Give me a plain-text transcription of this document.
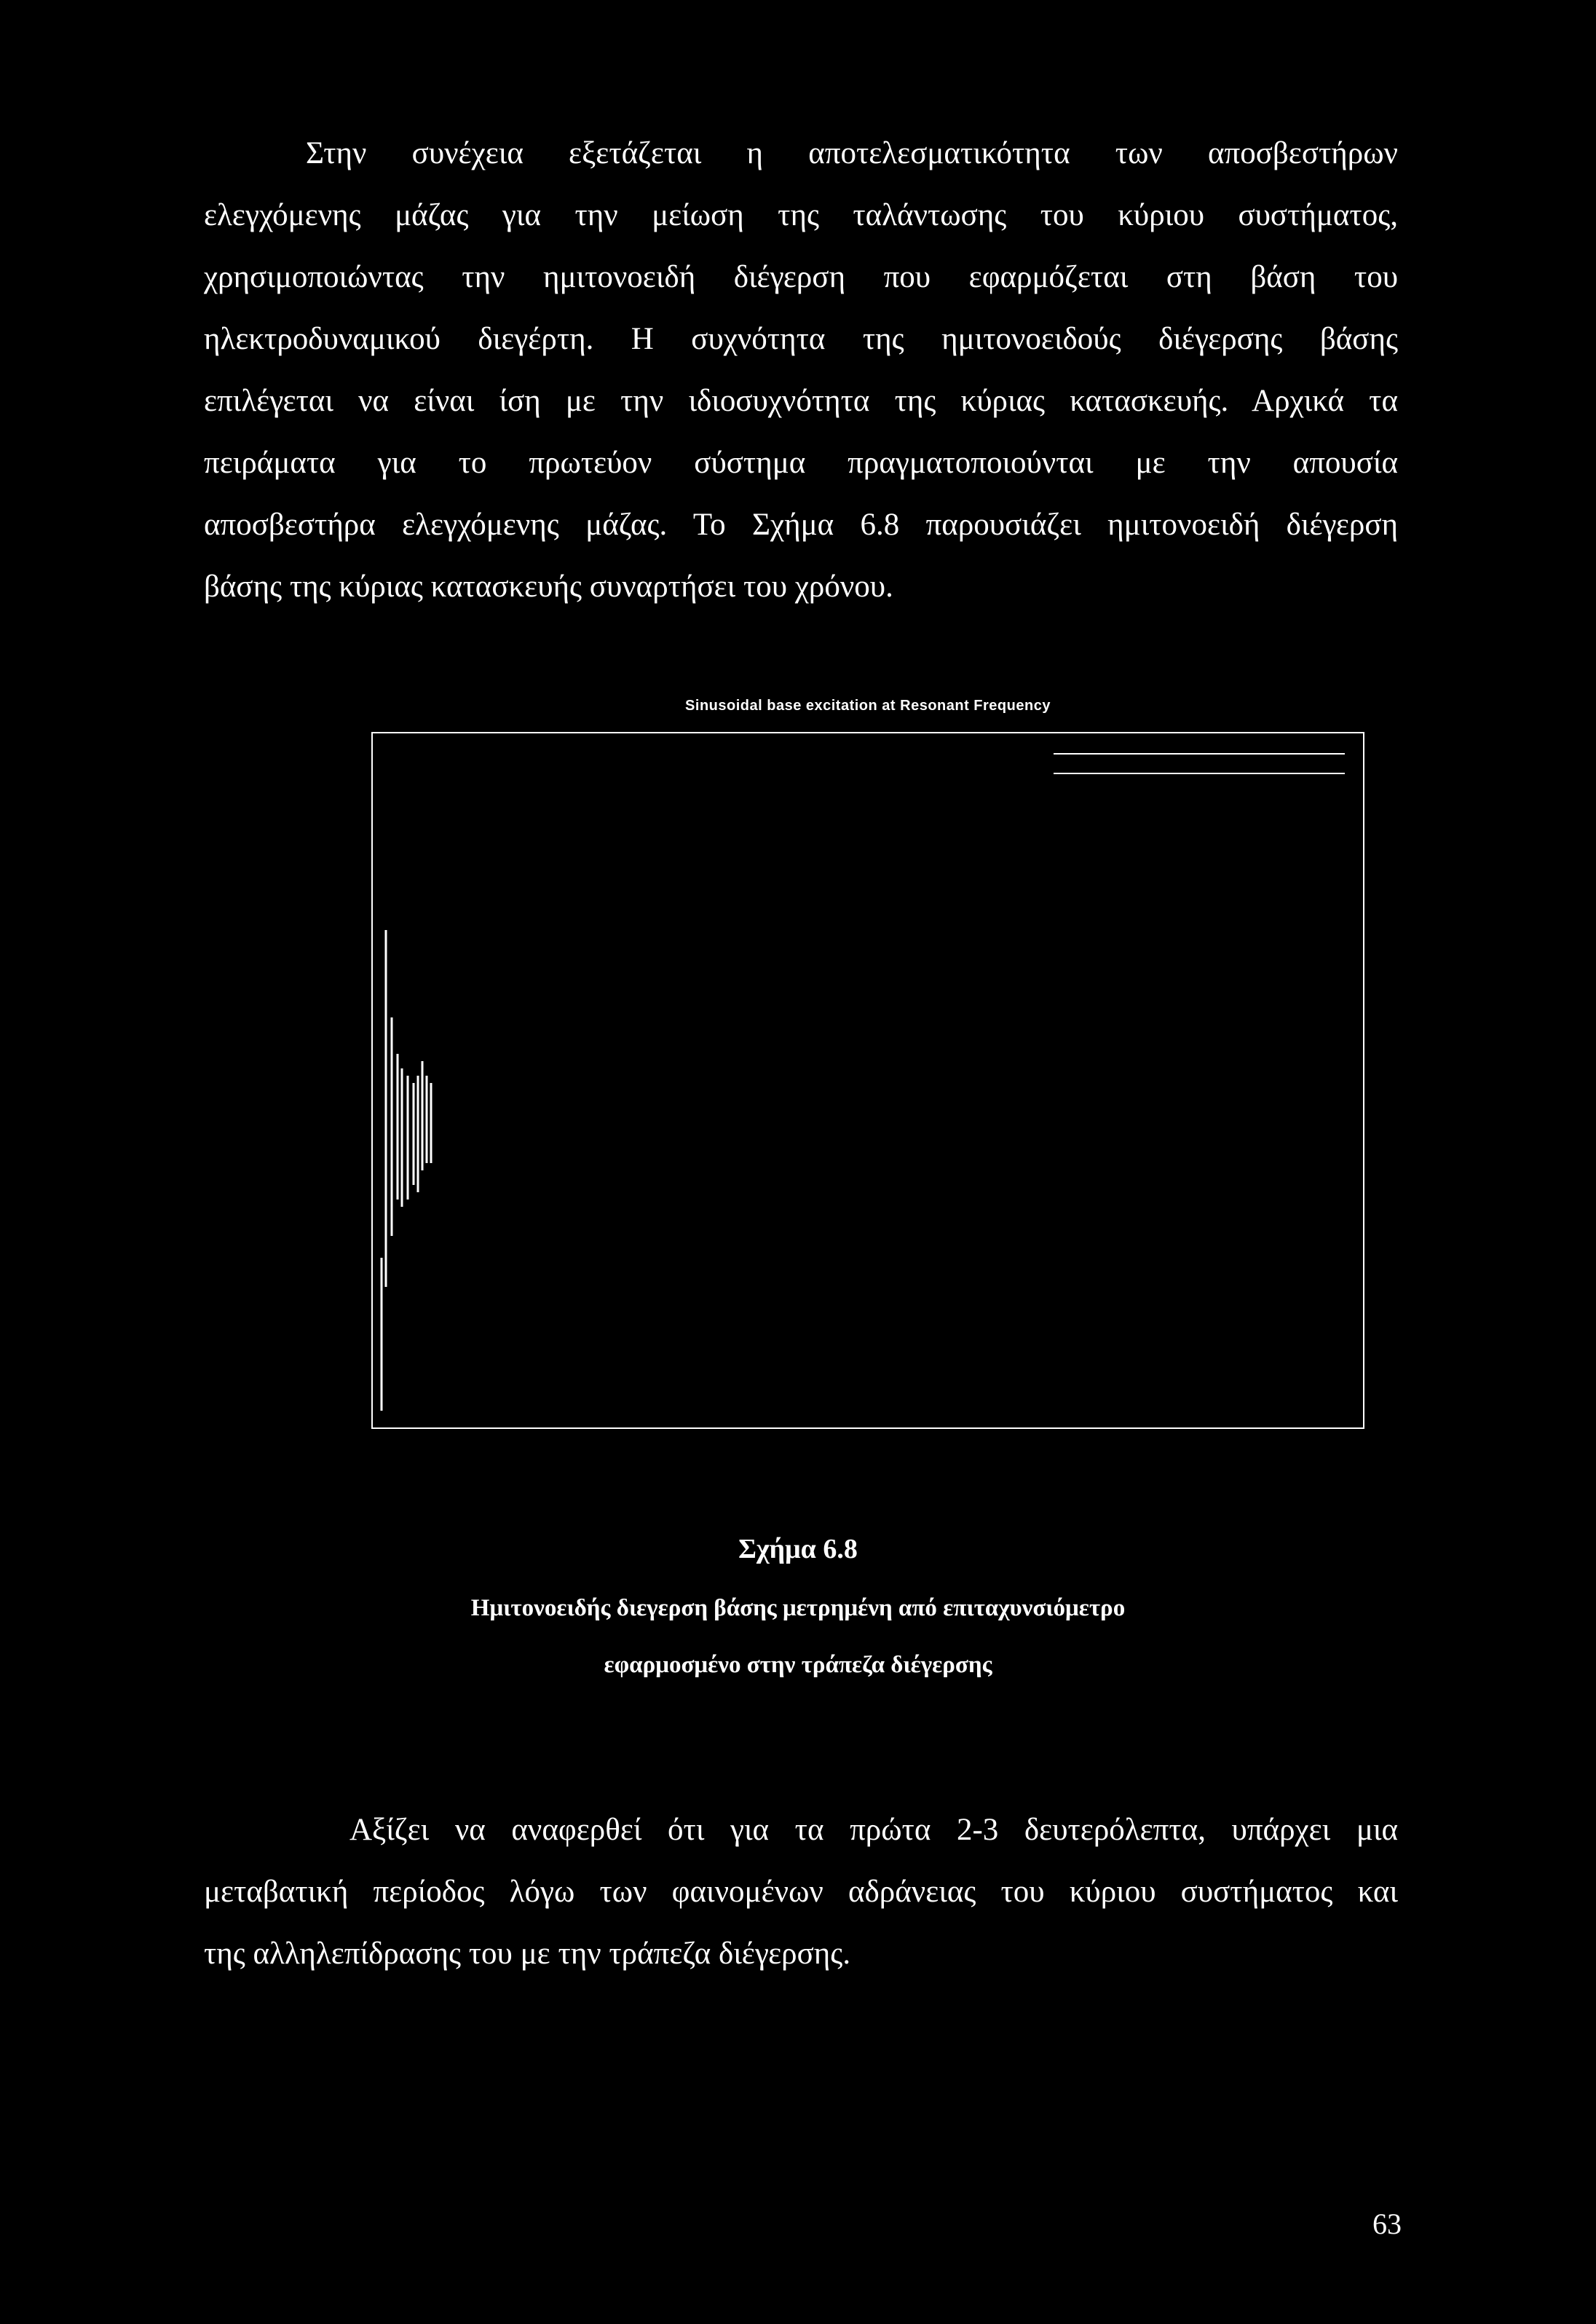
Στην συνέχεια εξετάζεται η αποτελεσματικότητα των αποσβεστήρων
ελεγχόμενης μάζας για την μείωση της ταλάντωσης του κύριου συστήματος,
χρησιμοποιώντας την ημιτονοειδή διέγερση που εφαρμόζεται στη βάση του
ηλεκτροδυναμικού διεγέρτη. Η συχνότητα της ημιτονοειδούς διέγερσης βάσης
επιλέγεται να είναι ίση με την ιδιοσυχνότητα της κύριας κατασκευής. Αρχικά τα
πειράματα για το πρωτεύον σύστημα πραγματοποιούνται με την απουσία
αποσβεστήρα ελεγχόμενης μάζας. Το Σχήμα 6.8 παρουσιάζει ημιτονοειδή διέγερση
βάσης της κύριας κατασκευής συναρτήσει του χρόνου.
Sinusoidal base excitation at Resonant Frequency
Σχήμα 6.8
Ημιτονοειδής διεγερση βάσης μετρημένη από επιταχυνσιόμετρο
εφαρμοσμένο στην τράπεζα διέγερσης
Αξίζει να αναφερθεί ότι για τα πρώτα 2-3 δευτερόλεπτα, υπάρχει μια
μεταβατική περίοδος λόγω των φαινομένων αδράνειας του κύριου συστήματος και
της αλληλεπίδρασης του με την τράπεζα διέγερσης.
63
